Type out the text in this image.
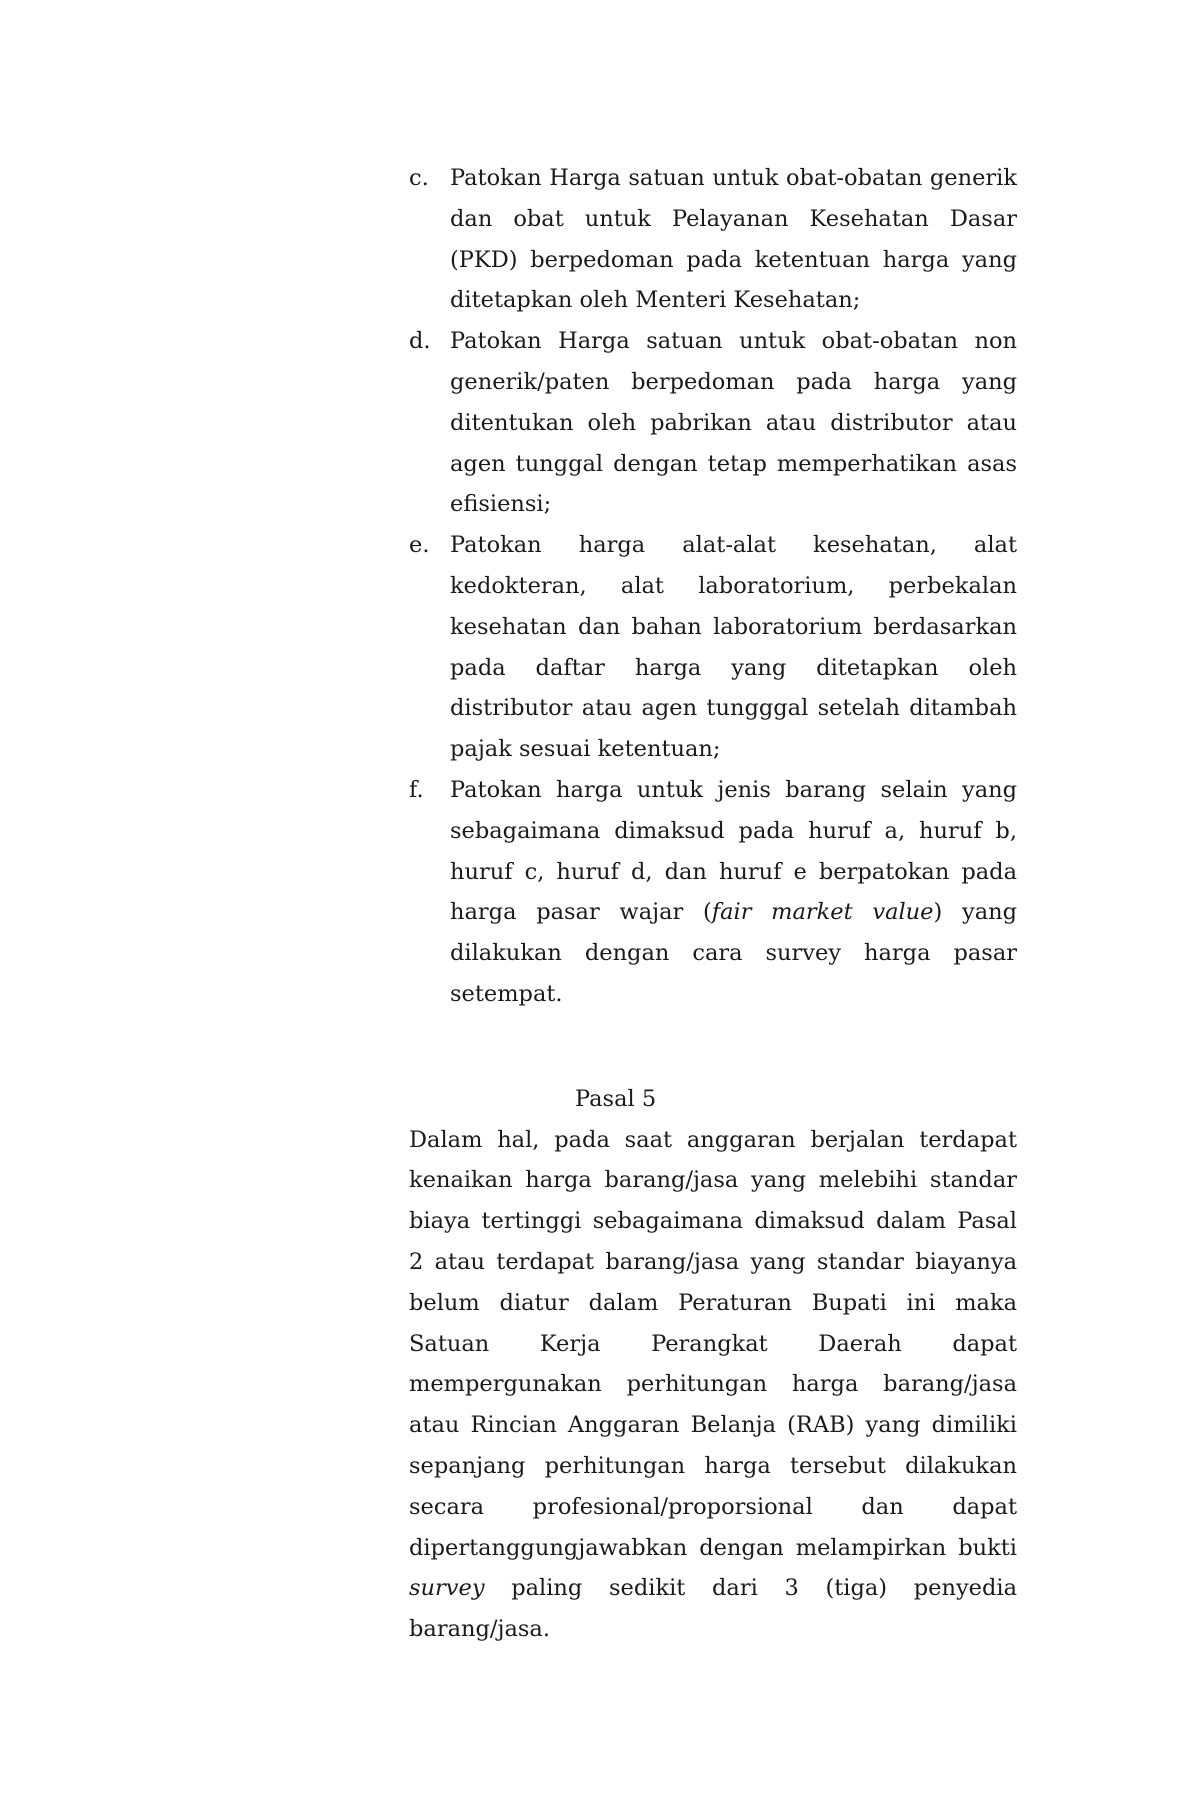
c. Patokan Harga satuan untuk obat-obatan generik dan obat untuk Pelayanan Kesehatan Dasar (PKD) berpedoman pada ketentuan harga yang ditetapkan oleh Menteri Kesehatan;
d. Patokan Harga satuan untuk obat-obatan non generik/paten berpedoman pada harga yang ditentukan oleh pabrikan atau distributor atau agen tunggal dengan tetap memperhatikan asas efisiensi;
e. Patokan harga alat-alat kesehatan, alat kedokteran, alat laboratorium, perbekalan kesehatan dan bahan laboratorium berdasarkan pada daftar harga yang ditetapkan oleh distributor atau agen tungggal setelah ditambah pajak sesuai ketentuan;
f. Patokan harga untuk jenis barang selain yang sebagaimana dimaksud pada huruf a, huruf b, huruf c, huruf d, dan huruf e berpatokan pada harga pasar wajar (fair market value) yang dilakukan dengan cara survey harga pasar setempat.

Pasal 5

Dalam hal, pada saat anggaran berjalan terdapat kenaikan harga barang/jasa yang melebihi standar biaya tertinggi sebagaimana dimaksud dalam Pasal 2 atau terdapat barang/jasa yang standar biayanya belum diatur dalam Peraturan Bupati ini maka Satuan Kerja Perangkat Daerah dapat mempergunakan perhitungan harga barang/jasa atau Rincian Anggaran Belanja (RAB) yang dimiliki sepanjang perhitungan harga tersebut dilakukan secara profesional/proporsional dan dapat dipertanggungjawabkan dengan melampirkan bukti survey paling sedikit dari 3 (tiga) penyedia barang/jasa.
